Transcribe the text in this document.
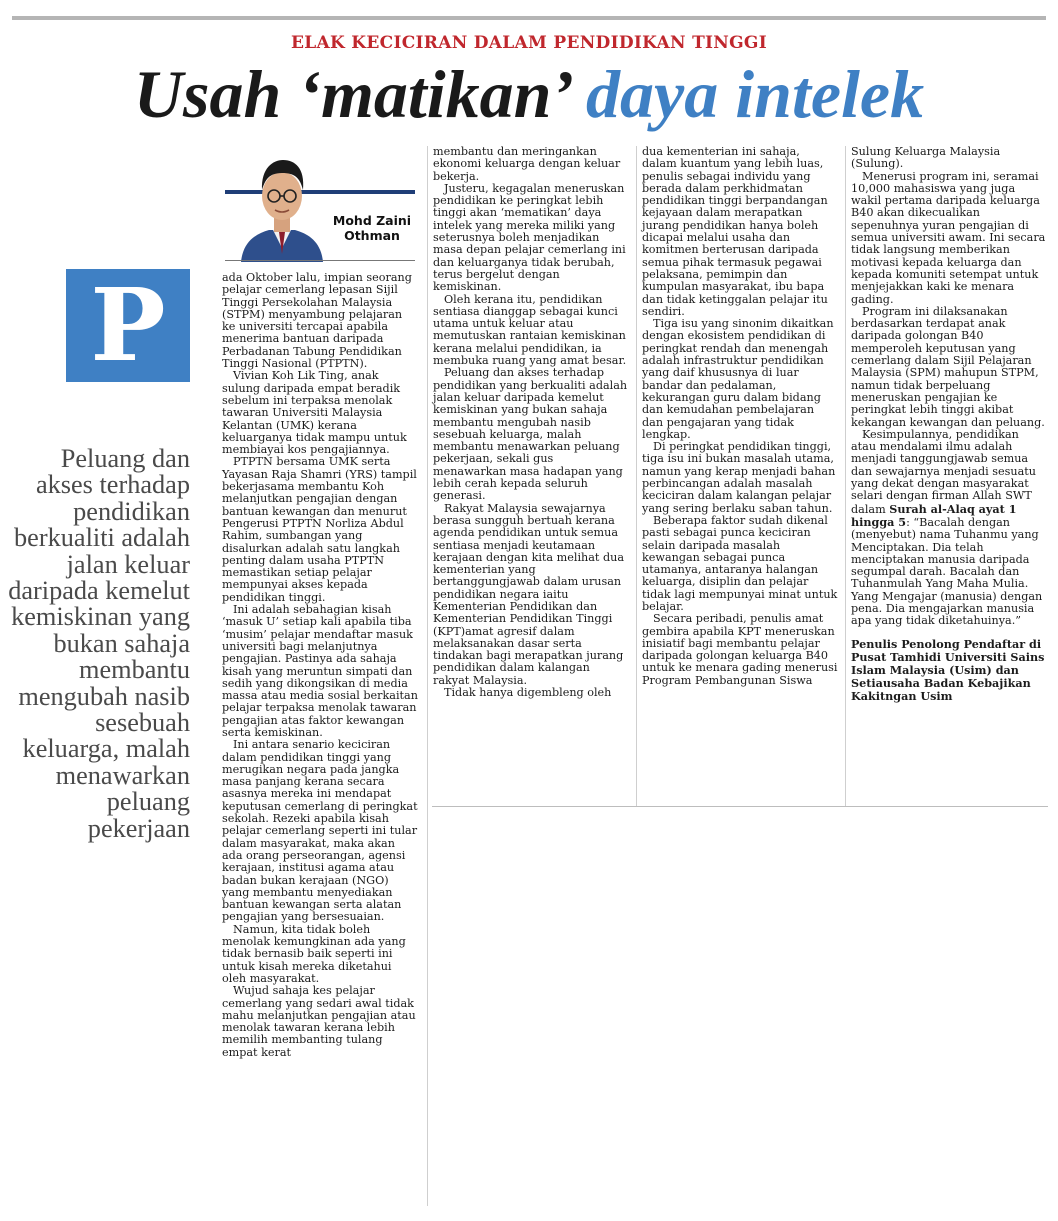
ELAK KECICIRAN DALAM PENDIDIKAN TINGGI
Usah ‘matikan’ daya intelek
Mohd Zaini
Othman
P
Peluang dan akses terhadap pendidikan berkualiti adalah jalan keluar daripada kemelut kemiskinan yang bukan sahaja membantu mengubah nasib sesebuah keluarga, malah menawarkan peluang pekerjaan

ada Oktober lalu, impian seorang pelajar cemerlang lepasan Sijil Tinggi Persekolahan Malaysia (STPM) menyambung pelajaran ke universiti tercapai apabila menerima bantuan daripada Perbadanan Tabung Pendidikan Tinggi Nasional (PTPTN).

Vivian Koh Lik Ting, anak sulung daripada empat beradik sebelum ini terpaksa menolak tawaran Universiti Malaysia Kelantan (UMK) kerana keluarganya tidak mampu untuk membiayai kos pengajiannya.

PTPTN bersama UMK serta Yayasan Raja Shamri (YRS) tampil bekerjasama membantu Koh melanjutkan pengajian dengan bantuan kewangan dan menurut Pengerusi PTPTN Norliza Abdul Rahim, sumbangan yang disalurkan adalah satu langkah penting dalam usaha PTPTN memastikan setiap pelajar mempunyai akses kepada pendidikan tinggi.

Ini adalah sebahagian kisah ‘masuk U’ setiap kali apabila tiba ‘musim’ pelajar mendaftar masuk universiti bagi melanjutnya pengajian. Pastinya ada sahaja kisah yang meruntun simpati dan sedih yang dikongsikan di media massa atau media sosial berkaitan pelajar terpaksa menolak tawaran pengajian atas faktor kewangan serta kemiskinan.

Ini antara senario keciciran dalam pendidikan tinggi yang merugikan negara pada jangka masa panjang kerana secara asasnya mereka ini mendapat keputusan cemerlang di peringkat sekolah. Rezeki apabila kisah pelajar cemerlang seperti ini tular dalam masyarakat, maka akan ada orang perseorangan, agensi kerajaan, institusi agama atau badan bukan kerajaan (NGO) yang membantu menyediakan bantuan kewangan serta alatan pengajian yang bersesuaian.

Namun, kita tidak boleh menolak kemungkinan ada yang tidak bernasib baik seperti ini untuk kisah mereka diketahui oleh masyarakat.

Wujud sahaja kes pelajar cemerlang yang sedari awal tidak mahu melanjutkan pengajian atau menolak tawaran kerana lebih memilih membanting tulang empat kerat

membantu dan meringankan ekonomi keluarga dengan keluar bekerja.

Justeru, kegagalan meneruskan pendidikan ke peringkat lebih tinggi akan ‘mematikan’ daya intelek yang mereka miliki yang seterusnya boleh menjadikan masa depan pelajar cemerlang ini dan keluarganya tidak berubah, terus bergelut dengan kemiskinan.

Oleh kerana itu, pendidikan sentiasa dianggap sebagai kunci utama untuk keluar atau memutuskan rantaian kemiskinan kerana melalui pendidikan, ia membuka ruang yang amat besar.

Peluang dan akses terhadap pendidikan yang berkualiti adalah jalan keluar daripada kemelut kemiskinan yang bukan sahaja membantu mengubah nasib sesebuah keluarga, malah membantu menawarkan peluang pekerjaan, sekali gus menawarkan masa hadapan yang lebih cerah kepada seluruh generasi.

Rakyat Malaysia sewajarnya berasa sungguh bertuah kerana agenda pendidikan untuk semua sentiasa menjadi keutamaan kerajaan dengan kita melihat dua kementerian yang bertanggungjawab dalam urusan pendidikan negara iaitu Kementerian Pendidikan dan Kementerian Pendidikan Tinggi (KPT)amat agresif dalam melaksanakan dasar serta tindakan bagi merapatkan jurang pendidikan dalam kalangan rakyat Malaysia.

Tidak hanya digembleng oleh

dua kementerian ini sahaja, dalam kuantum yang lebih luas, penulis sebagai individu yang berada dalam perkhidmatan pendidikan tinggi berpandangan kejayaan dalam merapatkan jurang pendidikan hanya boleh dicapai melalui usaha dan komitmen berterusan daripada semua pihak termasuk pegawai pelaksana, pemimpin dan kumpulan masyarakat, ibu bapa dan tidak ketinggalan pelajar itu sendiri.

Tiga isu yang sinonim dikaitkan dengan ekosistem pendidikan di peringkat rendah dan menengah adalah infrastruktur pendidikan yang daif khususnya di luar bandar dan pedalaman, kekurangan guru dalam bidang dan kemudahan pembelajaran dan pengajaran yang tidak lengkap.

Di peringkat pendidikan tinggi, tiga isu ini bukan masalah utama, namun yang kerap menjadi bahan perbincangan adalah masalah keciciran dalam kalangan pelajar yang sering berlaku saban tahun.

Beberapa faktor sudah dikenal pasti sebagai punca keciciran selain daripada masalah kewangan sebagai punca utamanya, antaranya halangan keluarga, disiplin dan pelajar tidak lagi mempunyai minat untuk belajar.

Secara peribadi, penulis amat gembira apabila KPT meneruskan inisiatif bagi membantu pelajar daripada golongan keluarga B40 untuk ke menara gading menerusi Program Pembangunan Siswa

Sulung Keluarga Malaysia (Sulung).

Menerusi program ini, seramai 10,000 mahasiswa yang juga wakil pertama daripada keluarga B40 akan dikecualikan sepenuhnya yuran pengajian di semua universiti awam. Ini secara tidak langsung memberikan motivasi kepada keluarga dan kepada komuniti setempat untuk menjejakkan kaki ke menara gading.

Program ini dilaksanakan berdasarkan terdapat anak daripada golongan B40 memperoleh keputusan yang cemerlang dalam Sijil Pelajaran Malaysia (SPM) mahupun STPM, namun tidak berpeluang meneruskan pengajian ke peringkat lebih tinggi akibat kekangan kewangan dan peluang.

Kesimpulannya, pendidikan atau mendalami ilmu adalah menjadi tanggungjawab semua dan sewajarnya menjadi sesuatu yang dekat dengan masyarakat selari dengan firman Allah SWT dalam Surah al-Alaq ayat 1 hingga 5: “Bacalah dengan (menyebut) nama Tuhanmu yang Menciptakan. Dia telah menciptakan manusia daripada segumpal darah. Bacalah dan Tuhanmulah Yang Maha Mulia. Yang Mengajar (manusia) dengan pena. Dia mengajarkan manusia apa yang tidak diketahuinya.”

Penulis Penolong Pendaftar di Pusat Tamhidi Universiti Sains Islam Malaysia (Usim) dan Setiausaha Badan Kebajikan Kakitngan Usim
